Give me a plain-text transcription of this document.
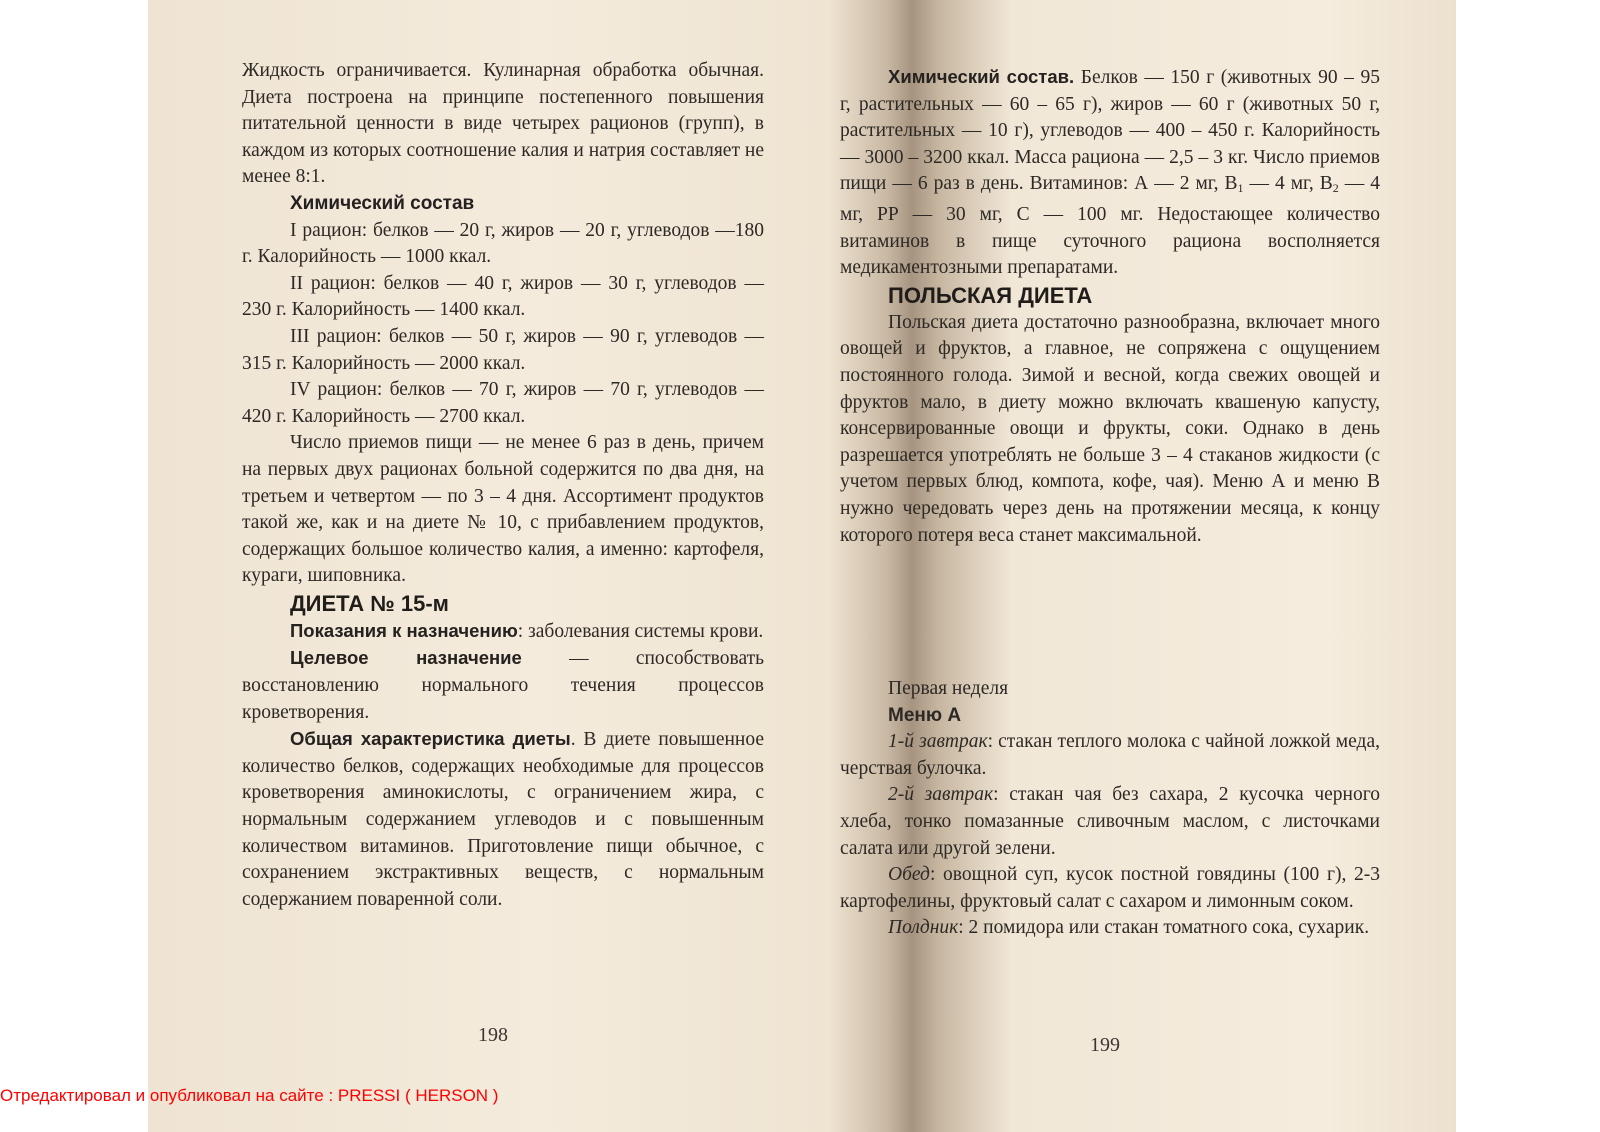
Жидкость ограничивается. Кулинарная обработка обычная. Диета построена на принципе постепенного повышения питательной ценности в виде четырех рационов (групп), в каждом из которых соотношение калия и натрия составляет не менее 8:1.

Химический состав

I рацион: белков — 20 г, жиров — 20 г, углеводов —180 г. Калорийность — 1000 ккал.

II рацион: белков — 40 г, жиров — 30 г, углеводов — 230 г. Калорийность — 1400 ккал.

III рацион: белков — 50 г, жиров — 90 г, углеводов — 315 г. Калорийность — 2000 ккал.

IV рацион: белков — 70 г, жиров — 70 г, углеводов — 420 г. Калорийность — 2700 ккал.

Число приемов пищи — не менее 6 раз в день, причем на первых двух рационах больной содержится по два дня, на третьем и четвертом — по 3 – 4 дня. Ассортимент продуктов такой же, как и на диете № 10, с прибавлением продуктов, содержащих большое количество калия, а именно: картофеля, кураги, шиповника.

ДИЕТА № 15-м

Показания к назначению: заболевания системы крови.

Целевое назначение — способствовать восстановлению нормального течения процессов кроветворения.

Общая характеристика диеты. В диете повышенное количество белков, содержащих необходимые для процессов кроветворения аминокислоты, с ограничением жира, с нормальным содержанием углеводов и с повышенным количеством витаминов. Приготовление пищи обычное, с сохранением экстрактивных веществ, с нормальным содержанием поваренной соли.

198

Химический состав. Белков — 150 г (животных 90 – 95 г, растительных — 60 – 65 г), жиров — 60 г (животных 50 г, растительных — 10 г), углеводов — 400 – 450 г. Калорийность — 3000 – 3200 ккал. Масса рациона — 2,5 – 3 кг. Число приемов пищи — 6 раз в день. Витаминов: А — 2 мг, $В_1$ — 4 мг, $В_2$ — 4 мг, РР — 30 мг, С — 100 мг. Недостающее количество витаминов в пище суточного рациона восполняется медикаментозными препаратами.

ПОЛЬСКАЯ ДИЕТА

Польская диета достаточно разнообразна, включает много овощей и фруктов, а главное, не сопряжена с ощущением постоянного голода. Зимой и весной, когда свежих овощей и фруктов мало, в диету можно включать квашеную капусту, консервированные овощи и фрукты, соки. Однако в день разрешается употреблять не больше 3 – 4 стаканов жидкости (с учетом первых блюд, компота, кофе, чая). Меню А и меню В нужно чередовать через день на протяжении месяца, к концу которого потеря веса станет максимальной.

Первая неделя
Меню А

1-й завтрак: стакан теплого молока с чайной ложкой меда, черствая булочка.

2-й завтрак: стакан чая без сахара, 2 кусочка черного хлеба, тонко помазанные сливочным маслом, с листочками салата или другой зелени.

Обед: овощной суп, кусок постной говядины (100 г), 2-3 картофелины, фруктовый салат с сахаром и лимонным соком.

Полдник: 2 помидора или стакан томатного сока, сухарик.

199
Отредактировал и опубликовал на сайте : PRESSI ( HERSON )
